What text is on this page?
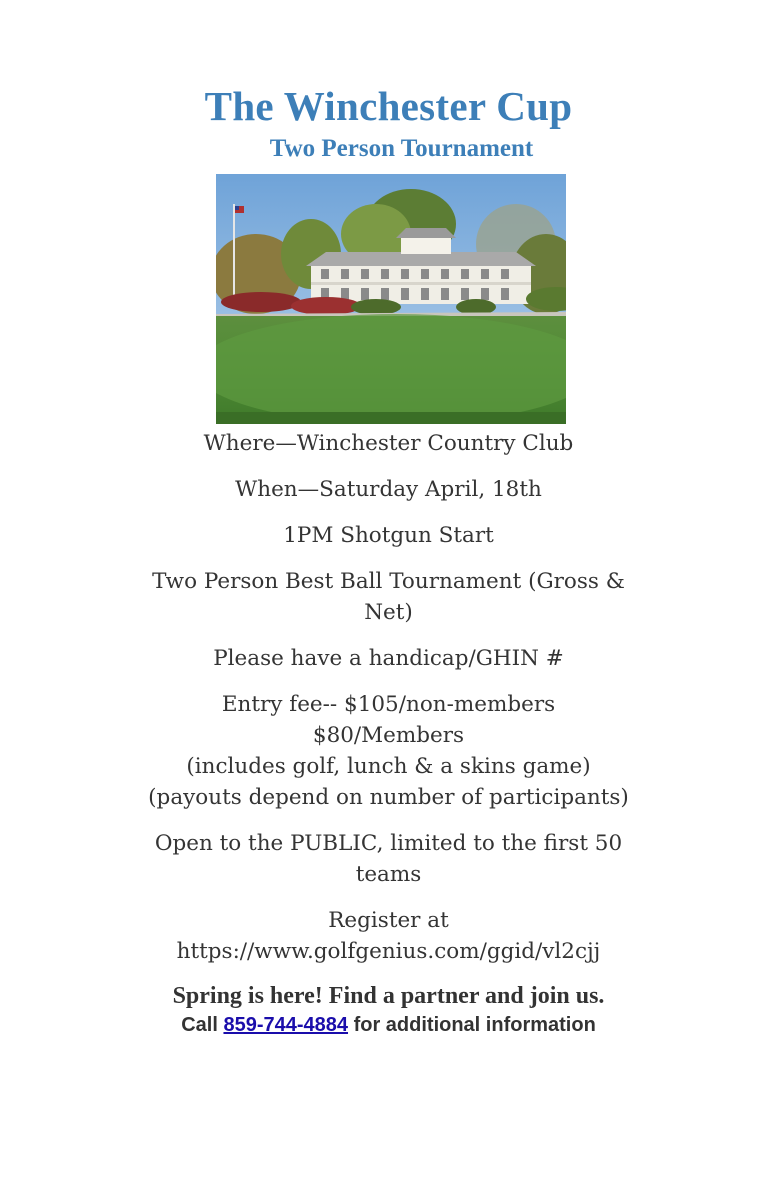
The Winchester Cup
Two Person Tournament

Where—Winchester Country Club

When—Saturday April, 18th

1PM Shotgun Start

Two Person Best Ball Tournament (Gross &
Net)

Please have a handicap/GHIN #

Entry fee-- $105/non-members
$80/Members
(includes golf, lunch & a skins game)
(payouts depend on number of participants)
Open to the PUBLIC, limited to the first 50
teams
Register at
https://www.golfgenius.com/ggid/vl2cjj

Spring is here! Find a partner and join us.

Call 859-744-4884 for additional information
